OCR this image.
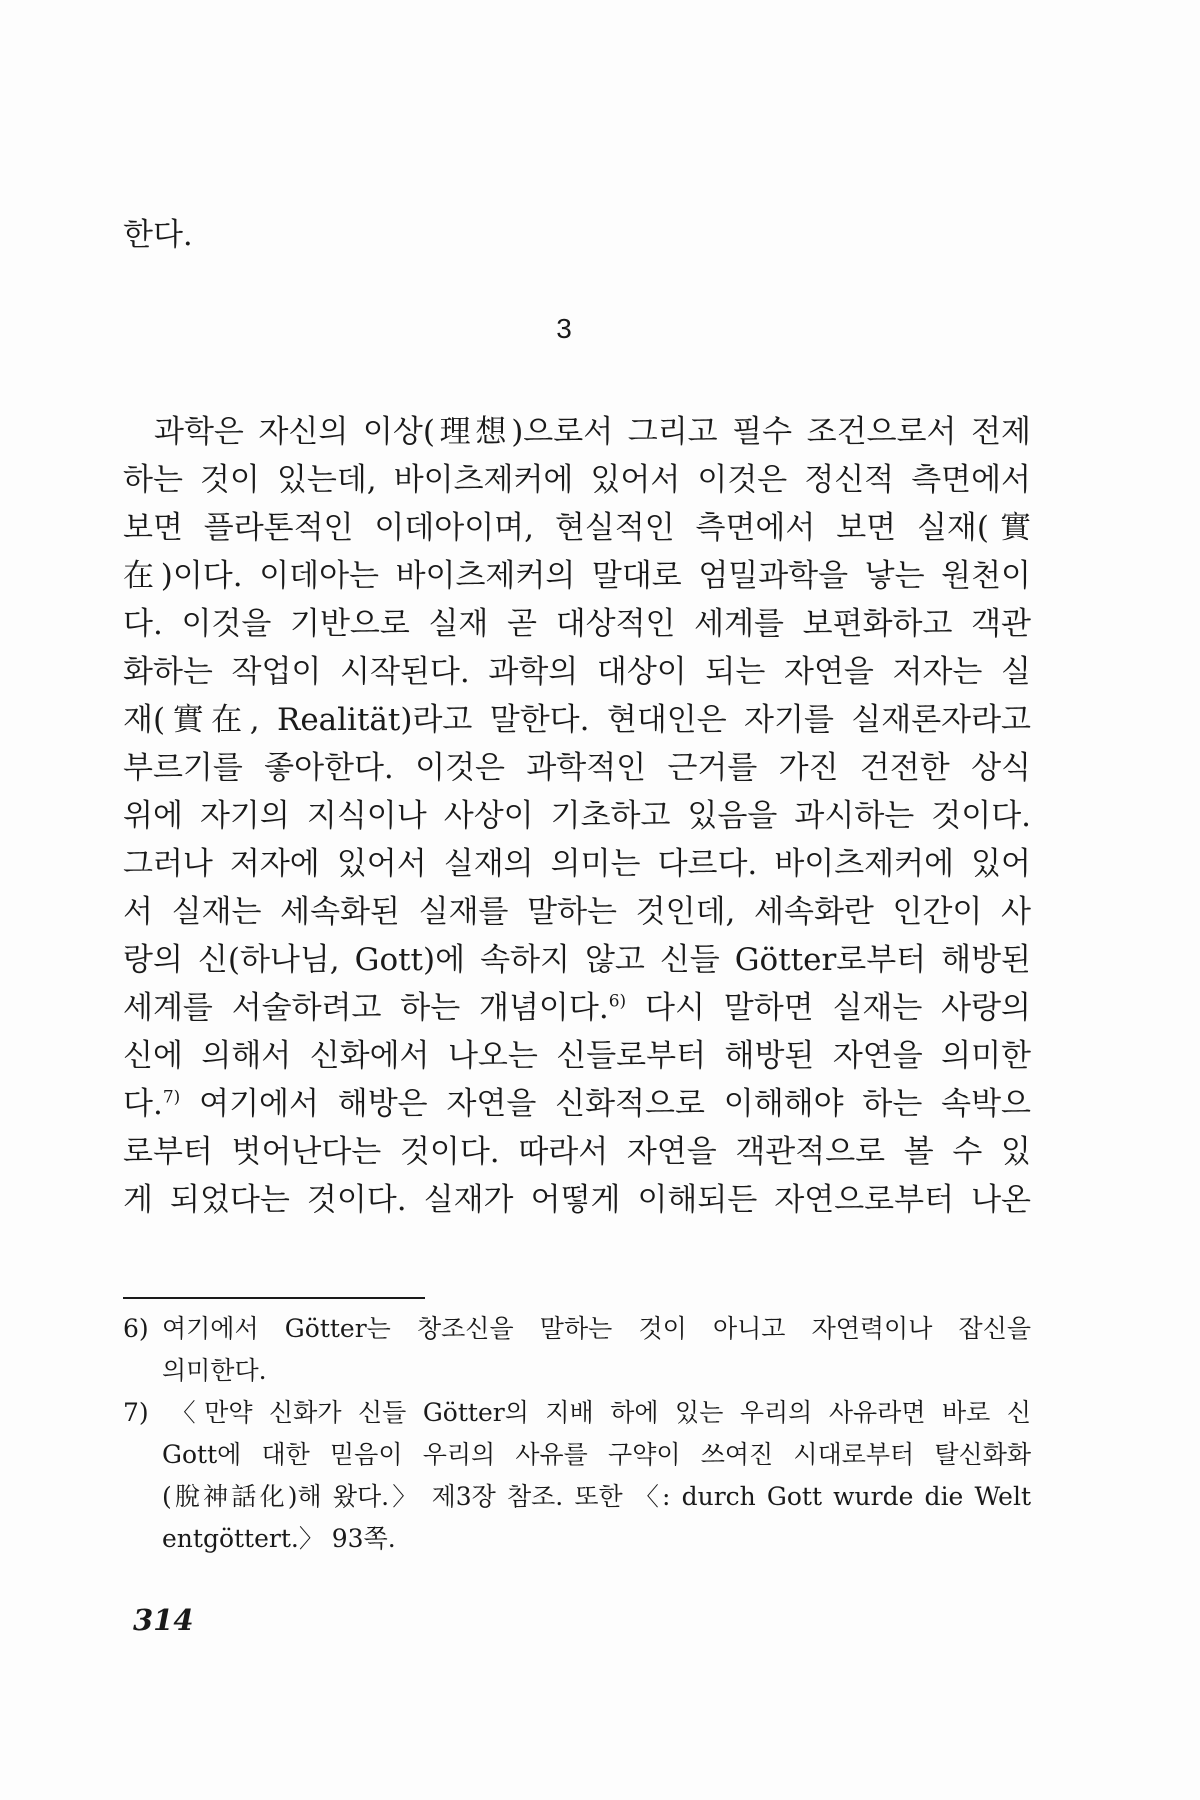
한다.

3

과학은 자신의 이상(理想)으로서 그리고 필수 조건으로서 전제
하는 것이 있는데, 바이츠제커에 있어서 이것은 정신적 측면에서
보면 플라톤적인 이데아이며, 현실적인 측면에서 보면 실재(實
在)이다. 이데아는 바이츠제커의 말대로 엄밀과학을 낳는 원천이
다. 이것을 기반으로 실재 곧 대상적인 세계를 보편화하고 객관
화하는 작업이 시작된다. 과학의 대상이 되는 자연을 저자는 실
재(實在, Realität)라고 말한다. 현대인은 자기를 실재론자라고
부르기를 좋아한다. 이것은 과학적인 근거를 가진 건전한 상식
위에 자기의 지식이나 사상이 기초하고 있음을 과시하는 것이다.
그러나 저자에 있어서 실재의 의미는 다르다. 바이츠제커에 있어
서 실재는 세속화된 실재를 말하는 것인데, 세속화란 인간이 사
랑의 신(하나님, Gott)에 속하지 않고 신들 Götter로부터 해방된
세계를 서술하려고 하는 개념이다.$^{6)}$ 다시 말하면 실재는 사랑의
신에 의해서 신화에서 나오는 신들로부터 해방된 자연을 의미한
다.$^{7)}$ 여기에서 해방은 자연을 신화적으로 이해해야 하는 속박으
로부터 벗어난다는 것이다. 따라서 자연을 객관적으로 볼 수 있
게 되었다는 것이다. 실재가 어떻게 이해되든 자연으로부터 나온
6) 여기에서 Götter는 창조신을 말하는 것이 아니고 자연력이나 잡신을
의미한다.
7) 〈만약 신화가 신들 Götter의 지배 하에 있는 우리의 사유라면 바로 신
Gott에 대한 믿음이 우리의 사유를 구약이 쓰여진 시대로부터 탈신화화
(脫神話化)해 왔다.〉 제3장 참조. 또한 〈: durch Gott wurde die Welt
entgöttert.〉 93쪽.

314
